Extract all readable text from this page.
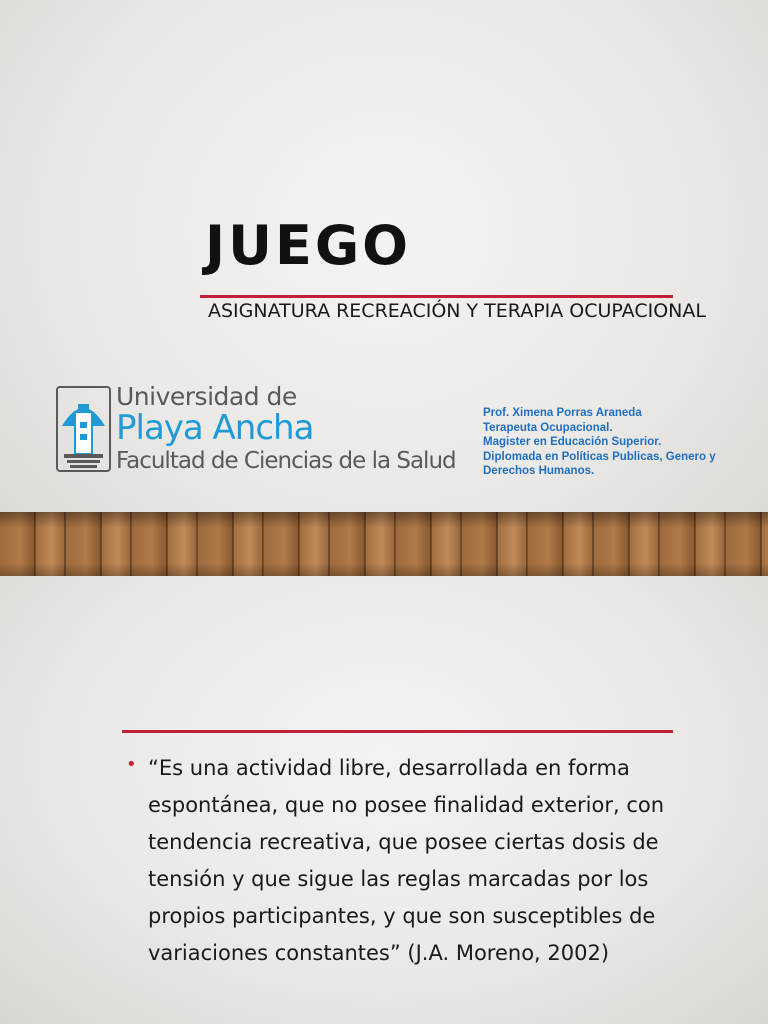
JUEGO
ASIGNATURA RECREACIÓN Y TERAPIA OCUPACIONAL
Universidad de
Playa Ancha
Facultad de Ciencias de la Salud
Prof. Ximena Porras Araneda
Terapeuta Ocupacional.
Magister en Educación Superior.
Diplomada en Políticas Publicas, Genero y Derechos Humanos.
• “Es una actividad libre, desarrollada en forma espontánea, que no posee finalidad exterior, con tendencia recreativa, que posee ciertas dosis de tensión y que sigue las reglas marcadas por los propios participantes, y que son susceptibles de variaciones constantes” (J.A. Moreno, 2002)
